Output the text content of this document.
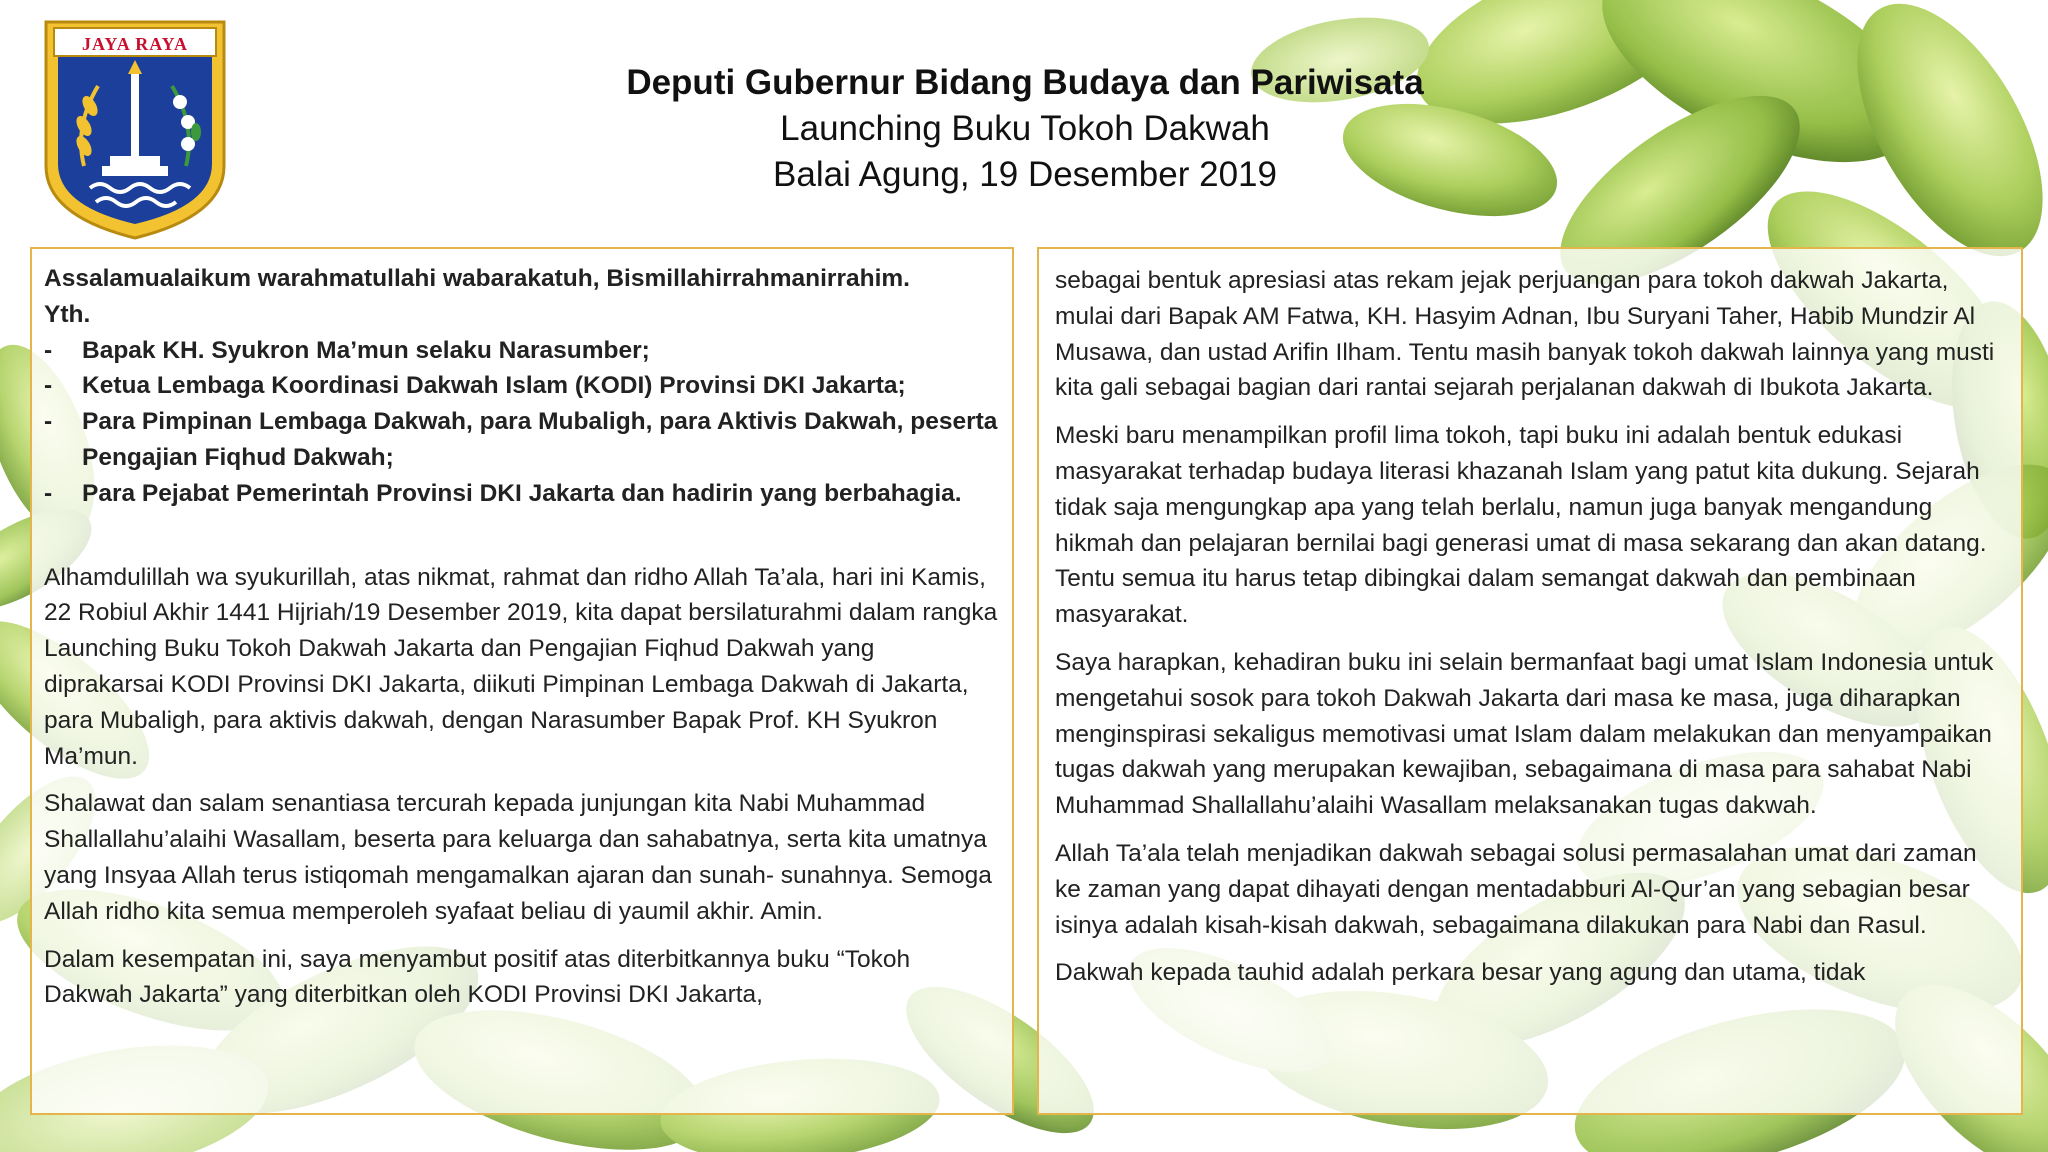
JAYA RAYA
Deputi Gubernur Bidang Budaya dan Pariwisata
Launching Buku Tokoh Dakwah
Balai Agung, 19 Desember 2019
Assalamualaikum warahmatullahi wabarakatuh, Bismillahirrahmanirrahim.
Yth.
- Bapak KH. Syukron Ma’mun selaku Narasumber;
- Ketua Lembaga Koordinasi Dakwah Islam (KODI) Provinsi DKI Jakarta;
- Para Pimpinan Lembaga Dakwah, para Mubaligh, para Aktivis Dakwah, peserta Pengajian Fiqhud Dakwah;
- Para Pejabat Pemerintah Provinsi DKI Jakarta dan hadirin yang berbahagia.

Alhamdulillah wa syukurillah, atas nikmat, rahmat dan ridho Allah Ta’ala, hari ini Kamis, 22 Robiul Akhir 1441 Hijriah/19 Desember 2019, kita dapat bersilaturahmi dalam rangka Launching Buku Tokoh Dakwah Jakarta dan Pengajian Fiqhud Dakwah yang diprakarsai KODI Provinsi DKI Jakarta, diikuti Pimpinan Lembaga Dakwah di Jakarta, para Mubaligh, para aktivis dakwah, dengan Narasumber Bapak Prof. KH Syukron Ma’mun.

Shalawat dan salam senantiasa tercurah kepada junjungan kita Nabi Muhammad Shallallahu’alaihi Wasallam, beserta para keluarga dan sahabatnya, serta kita umatnya yang Insyaa Allah terus istiqomah mengamalkan ajaran dan sunah- sunahnya. Semoga Allah ridho kita semua memperoleh syafaat beliau di yaumil akhir. Amin.

Dalam kesempatan ini, saya menyambut positif atas diterbitkannya buku “Tokoh Dakwah Jakarta” yang diterbitkan oleh KODI Provinsi DKI Jakarta,

sebagai bentuk apresiasi atas rekam jejak perjuangan para tokoh dakwah Jakarta, mulai dari Bapak AM Fatwa, KH. Hasyim Adnan, Ibu Suryani Taher, Habib Mundzir Al Musawa, dan ustad Arifin Ilham. Tentu masih banyak tokoh dakwah lainnya yang musti kita gali sebagai bagian dari rantai sejarah perjalanan dakwah di Ibukota Jakarta.

Meski baru menampilkan profil lima tokoh, tapi buku ini adalah bentuk edukasi masyarakat terhadap budaya literasi khazanah Islam yang patut kita dukung. Sejarah tidak saja mengungkap apa yang telah berlalu, namun juga banyak mengandung hikmah dan pelajaran bernilai bagi generasi umat di masa sekarang dan akan datang. Tentu semua itu harus tetap dibingkai dalam semangat dakwah dan pembinaan masyarakat.

Saya harapkan, kehadiran buku ini selain bermanfaat bagi umat Islam Indonesia untuk mengetahui sosok para tokoh Dakwah Jakarta dari masa ke masa, juga diharapkan menginspirasi sekaligus memotivasi umat Islam dalam melakukan dan menyampaikan tugas dakwah yang merupakan kewajiban, sebagaimana di masa para sahabat Nabi Muhammad Shallallahu’alaihi Wasallam melaksanakan tugas dakwah.

Allah Ta’ala telah menjadikan dakwah sebagai solusi permasalahan umat dari zaman ke zaman yang dapat dihayati dengan mentadabburi Al-Qur’an yang sebagian besar isinya adalah kisah-kisah dakwah, sebagaimana dilakukan para Nabi dan Rasul.

Dakwah kepada tauhid adalah perkara besar yang agung dan utama, tidak
